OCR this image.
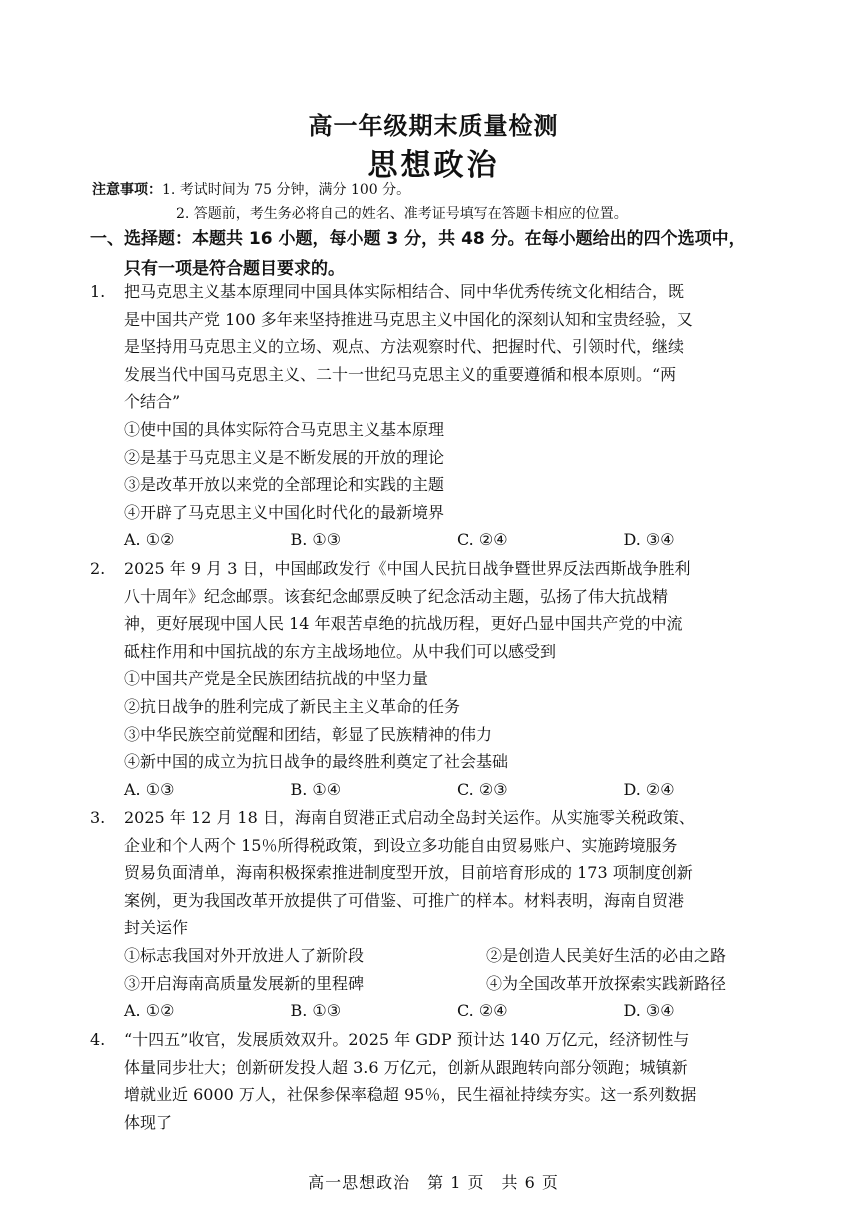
高一年级期末质量检测
思想政治
注意事项：1. 考试时间为 75 分钟，满分 100 分。
2. 答题前，考生务必将自己的姓名、准考证号填写在答题卡相应的位置。
一、选择题：本题共 16 小题，每小题 3 分，共 48 分。在每小题给出的四个选项中，
只有一项是符合题目要求的。
1. 把马克思主义基本原理同中国具体实际相结合、同中华优秀传统文化相结合，既
是中国共产党 100 多年来坚持推进马克思主义中国化的深刻认知和宝贵经验，又
是坚持用马克思主义的立场、观点、方法观察时代、把握时代、引领时代，继续
发展当代中国马克思主义、二十一世纪马克思主义的重要遵循和根本原则。“两
个结合”
①使中国的具体实际符合马克思主义基本原理
②是基于马克思主义是不断发展的开放的理论
③是改革开放以来党的全部理论和实践的主题
④开辟了马克思主义中国化时代化的最新境界
A. ①②	B. ①③	C. ②④	D. ③④
2. 2025 年 9 月 3 日，中国邮政发行《中国人民抗日战争暨世界反法西斯战争胜利
八十周年》纪念邮票。该套纪念邮票反映了纪念活动主题，弘扬了伟大抗战精
神，更好展现中国人民 14 年艰苦卓绝的抗战历程，更好凸显中国共产党的中流
砥柱作用和中国抗战的东方主战场地位。从中我们可以感受到
①中国共产党是全民族团结抗战的中坚力量
②抗日战争的胜利完成了新民主主义革命的任务
③中华民族空前觉醒和团结，彰显了民族精神的伟力
④新中国的成立为抗日战争的最终胜利奠定了社会基础
A. ①③	B. ①④	C. ②③	D. ②④
3. 2025 年 12 月 18 日，海南自贸港正式启动全岛封关运作。从实施零关税政策、
企业和个人两个 15％所得税政策，到设立多功能自由贸易账户、实施跨境服务
贸易负面清单，海南积极探索推进制度型开放，目前培育形成的 173 项制度创新
案例，更为我国改革开放提供了可借鉴、可推广的样本。材料表明，海南自贸港
封关运作
①标志我国对外开放进人了新阶段	②是创造人民美好生活的必由之路
③开启海南高质量发展新的里程碑	④为全国改革开放探索实践新路径
A. ①②	B. ①③	C. ②④	D. ③④
4. “十四五”收官，发展质效双升。2025 年 GDP 预计达 140 万亿元，经济韧性与
体量同步壮大；创新研发投人超 3.6 万亿元，创新从跟跑转向部分领跑；城镇新
增就业近 6000 万人，社保参保率稳超 95％，民生福祉持续夯实。这一系列数据
体现了
高一思想政治　第 1 页　共 6 页
